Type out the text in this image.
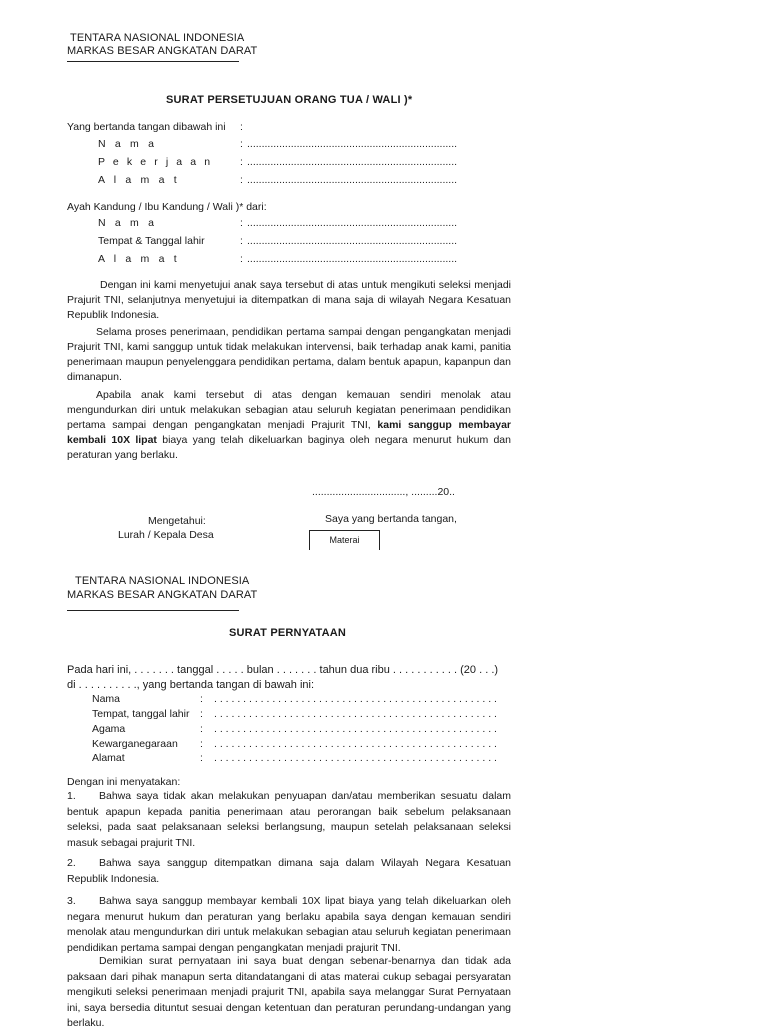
TENTARA NASIONAL INDONESIA
MARKAS BESAR ANGKATAN DARAT
SURAT PERSETUJUAN ORANG TUA / WALI )*
Yang bertanda tangan dibawah ini :
N a m a	: ........................................................................
P e k e r j a a n	: ........................................................................
A l a m a t	: ........................................................................
Ayah Kandung / Ibu Kandung / Wali )* dari:
N a m a	: ........................................................................
Tempat & Tanggal lahir	: ........................................................................
A l a m a t	: ........................................................................
Dengan ini kami menyetujui anak saya tersebut di atas untuk mengikuti seleksi menjadi Prajurit TNI, selanjutnya menyetujui ia ditempatkan di mana saja di wilayah Negara Kesatuan Republik Indonesia.
Selama proses penerimaan, pendidikan pertama sampai dengan pengangkatan menjadi Prajurit TNI, kami sanggup untuk tidak melakukan intervensi, baik terhadap anak kami, panitia penerimaan maupun penyelenggara pendidikan pertama, dalam bentuk apapun, kapanpun dan dimanapun.
Apabila anak kami tersebut di atas dengan kemauan sendiri menolak atau mengundurkan diri untuk melakukan sebagian atau seluruh kegiatan penerimaan pendidikan pertama sampai dengan pengangkatan menjadi Prajurit TNI, kami sanggup membayar kembali 10X lipat biaya yang telah dikeluarkan baginya oleh negara menurut hukum dan peraturan yang berlaku.
................................, .........20..
Mengetahui:
Lurah / Kepala Desa
Saya yang bertanda tangan,
Materai
TENTARA NASIONAL INDONESIA
MARKAS BESAR ANGKATAN DARAT
SURAT PERNYATAAN
Pada hari ini, . . . . . . . tanggal . . . . . bulan . . . . . . . tahun dua ribu . . . . . . . . . . . (20 . . .)
di . . . . . . . . . ., yang bertanda tangan di bawah ini:
Nama	: . . . . . . . . . . . . . . . . . . . . . . . . . . . . . . . . . . . . . . . . . . . . . . . . .
Tempat, tanggal lahir : . . . . . . . . . . . . . . . . . . . . . . . . . . . . . . . . . . . . . . . . . . . . . . . . .
Agama	: . . . . . . . . . . . . . . . . . . . . . . . . . . . . . . . . . . . . . . . . . . . . . . . . .
Kewarganegaraan : . . . . . . . . . . . . . . . . . . . . . . . . . . . . . . . . . . . . . . . . . . . . . . . . .
Alamat	: . . . . . . . . . . . . . . . . . . . . . . . . . . . . . . . . . . . . . . . . . . . . . . . . .
Dengan ini menyatakan:
1.	Bahwa saya tidak akan melakukan penyuapan dan/atau memberikan sesuatu dalam bentuk apapun kepada panitia penerimaan atau perorangan baik sebelum pelaksanaan seleksi, pada saat pelaksanaan seleksi berlangsung, maupun setelah pelaksanaan seleksi masuk sebagai prajurit TNI.
2.	Bahwa saya sanggup ditempatkan dimana saja dalam Wilayah Negara Kesatuan Republik Indonesia.
3.	Bahwa saya sanggup membayar kembali 10X lipat biaya yang telah dikeluarkan oleh negara menurut hukum dan peraturan yang berlaku apabila saya dengan kemauan sendiri menolak atau mengundurkan diri untuk melakukan sebagian atau seluruh kegiatan penerimaan pendidikan pertama sampai dengan pengangkatan menjadi prajurit TNI.
Demikian surat pernyataan ini saya buat dengan sebenar-benarnya dan tidak ada paksaan dari pihak manapun serta ditandatangani di atas materai cukup sebagai persyaratan mengikuti seleksi penerimaan menjadi prajurit TNI, apabila saya melanggar Surat Pernyataan ini, saya bersedia dituntut sesuai dengan ketentuan dan peraturan perundang-undangan yang berlaku.
